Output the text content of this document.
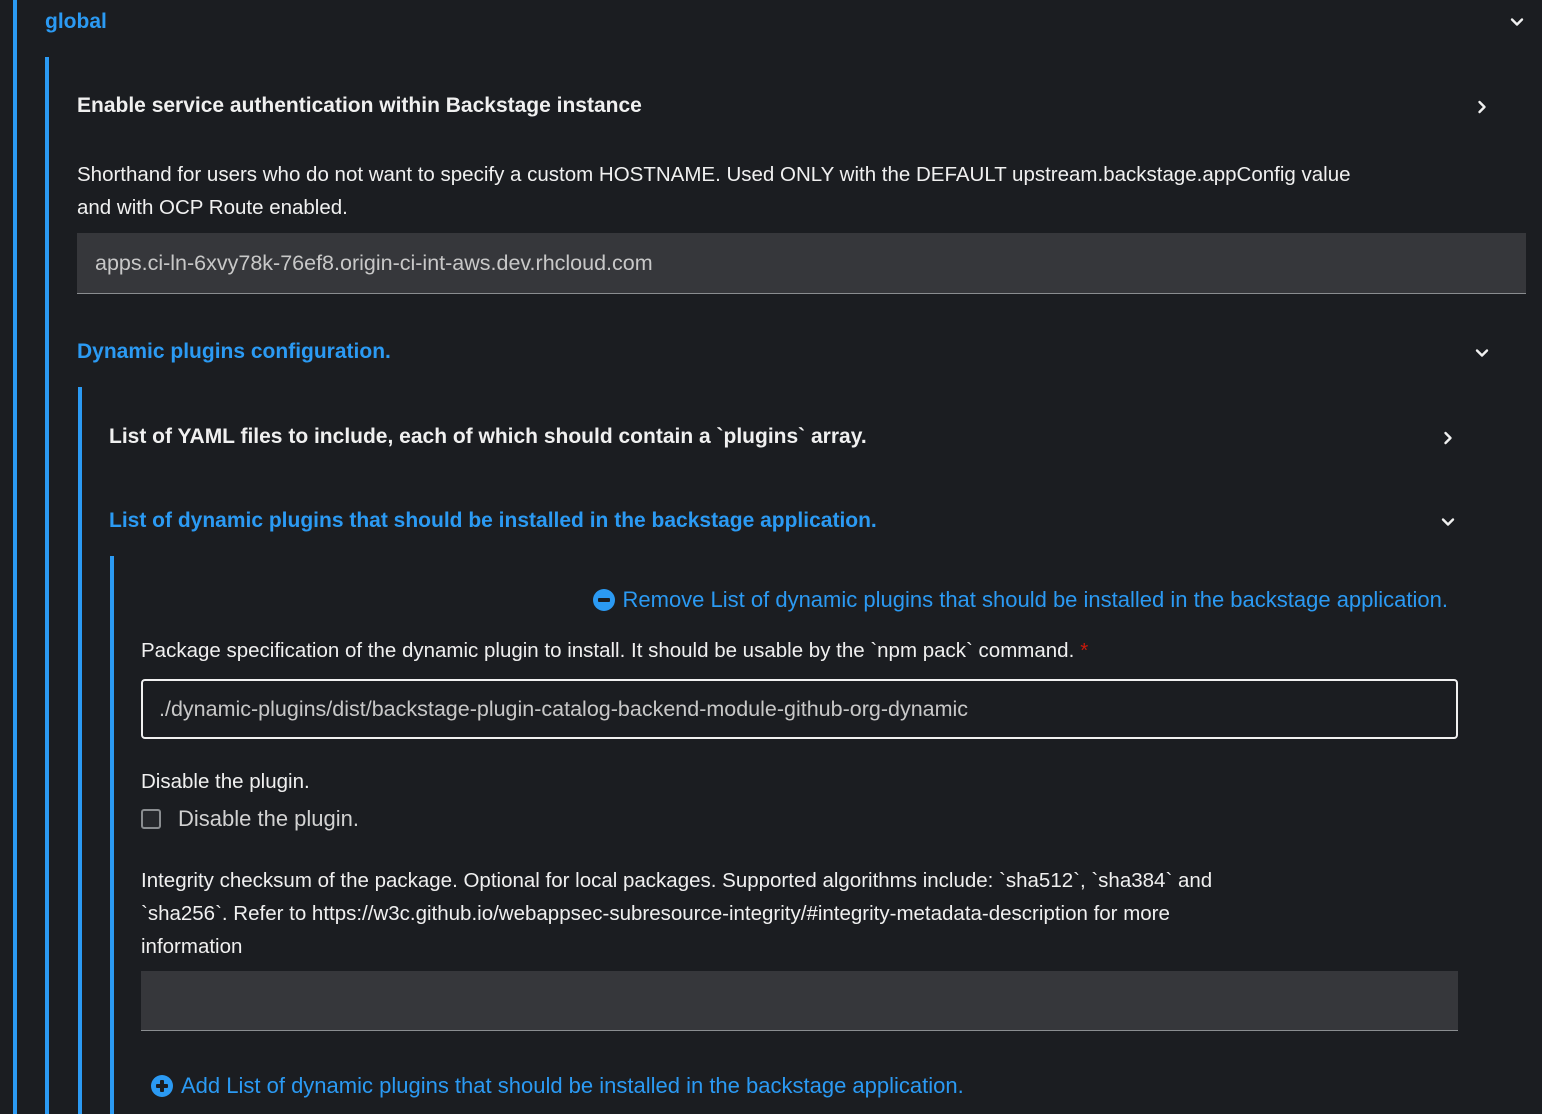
global
Enable service authentication within Backstage instance
Shorthand for users who do not want to specify a custom HOSTNAME. Used ONLY with the DEFAULT upstream.backstage.appConfig value
and with OCP Route enabled.
apps.ci-ln-6xvy78k-76ef8.origin-ci-int-aws.dev.rhcloud.com
Dynamic plugins configuration.
List of YAML files to include, each of which should contain a `plugins` array.
List of dynamic plugins that should be installed in the backstage application.
Remove List of dynamic plugins that should be installed in the backstage application.
Package specification of the dynamic plugin to install. It should be usable by the `npm pack` command. *
./dynamic-plugins/dist/backstage-plugin-catalog-backend-module-github-org-dynamic
Disable the plugin.
Disable the plugin.
Integrity checksum of the package. Optional for local packages. Supported algorithms include: `sha512`, `sha384` and
`sha256`. Refer to https://w3c.github.io/webappsec-subresource-integrity/#integrity-metadata-description for more
information
Add List of dynamic plugins that should be installed in the backstage application.
